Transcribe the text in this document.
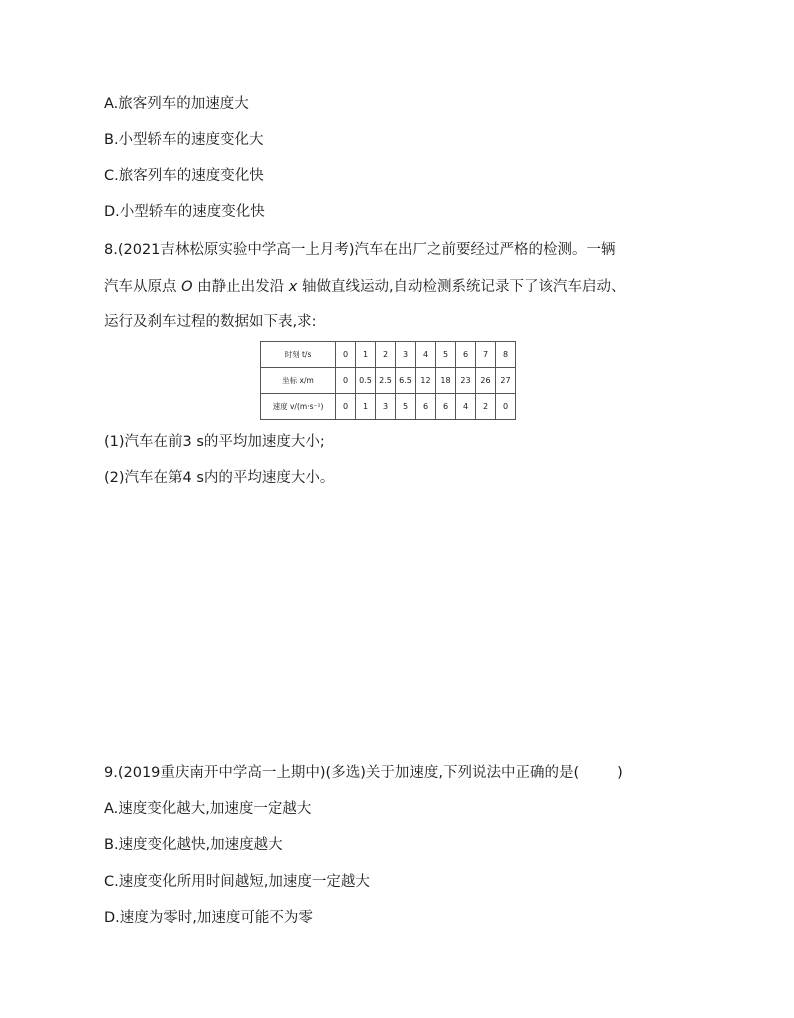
A.旅客列车的加速度大
B.小型轿车的速度变化大
C.旅客列车的速度变化快
D.小型轿车的速度变化快
8.(2021吉林松原实验中学高一上月考)汽车在出厂之前要经过严格的检测。一辆
汽车从原点 O 由静止出发沿 x 轴做直线运动,自动检测系统记录下了该汽车启动、
运行及刹车过程的数据如下表,求:
时刻 t/s	0	1	2	3	4	5	6	7	8
坐标 x/m	0	0.5	2.5	6.5	12	18	23	26	27
速度 v/(m·s⁻¹)	0	1	3	5	6	6	4	2	0
(1)汽车在前3 s的平均加速度大小;
(2)汽车在第4 s内的平均速度大小。
9.(2019重庆南开中学高一上期中)(多选)关于加速度,下列说法中正确的是(	)
A.速度变化越大,加速度一定越大
B.速度变化越快,加速度越大
C.速度变化所用时间越短,加速度一定越大
D.速度为零时,加速度可能不为零
